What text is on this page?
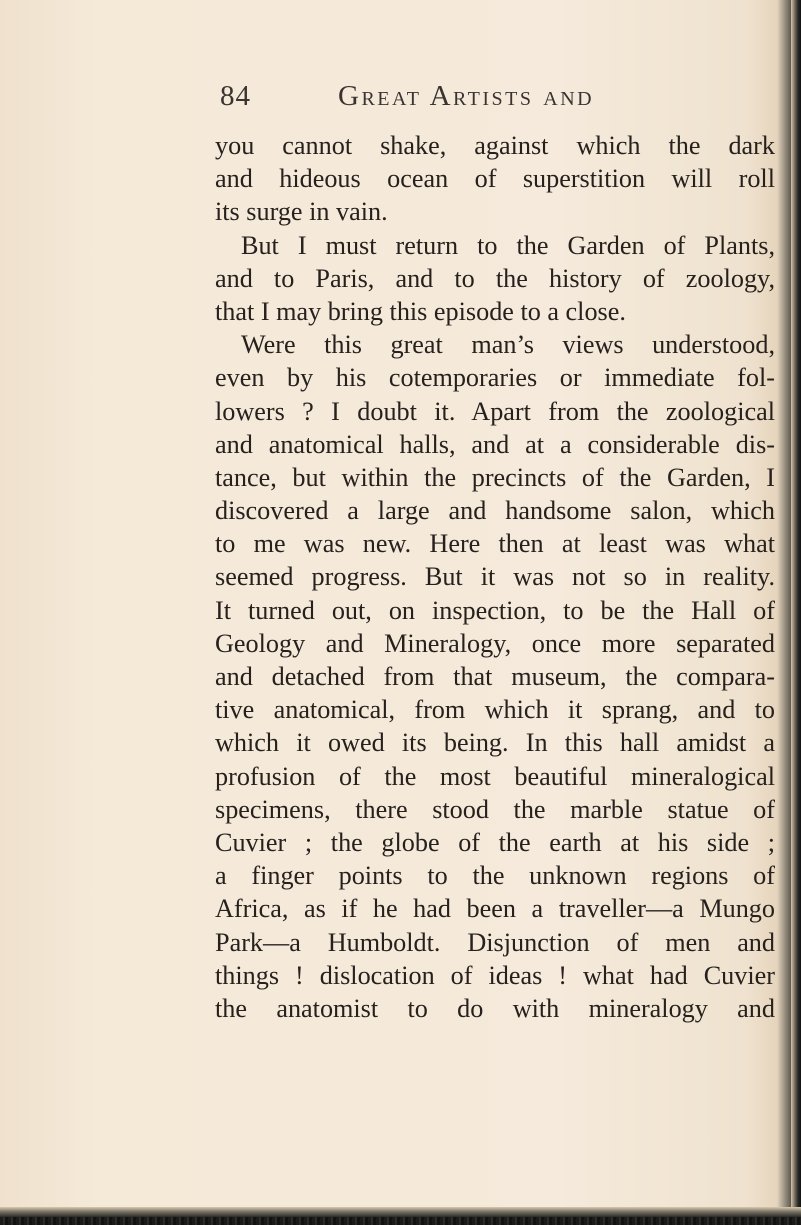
84	Great Artists and
you cannot shake, against which the dark
and hideous ocean of superstition will roll
its surge in vain.
But I must return to the Garden of Plants,
and to Paris, and to the history of zoology,
that I may bring this episode to a close.
Were this great man’s views understood,
even by his cotemporaries or immediate fol-
lowers ? I doubt it. Apart from the zoological
and anatomical halls, and at a considerable dis-
tance, but within the precincts of the Garden, I
discovered a large and handsome salon, which
to me was new. Here then at least was what
seemed progress. But it was not so in reality.
It turned out, on inspection, to be the Hall of
Geology and Mineralogy, once more separated
and detached from that museum, the compara-
tive anatomical, from which it sprang, and to
which it owed its being. In this hall amidst a
profusion of the most beautiful mineralogical
specimens, there stood the marble statue of
Cuvier ; the globe of the earth at his side ;
a finger points to the unknown regions of
Africa, as if he had been a traveller—a Mungo
Park—a Humboldt. Disjunction of men and
things ! dislocation of ideas ! what had Cuvier
the anatomist to do with mineralogy and
